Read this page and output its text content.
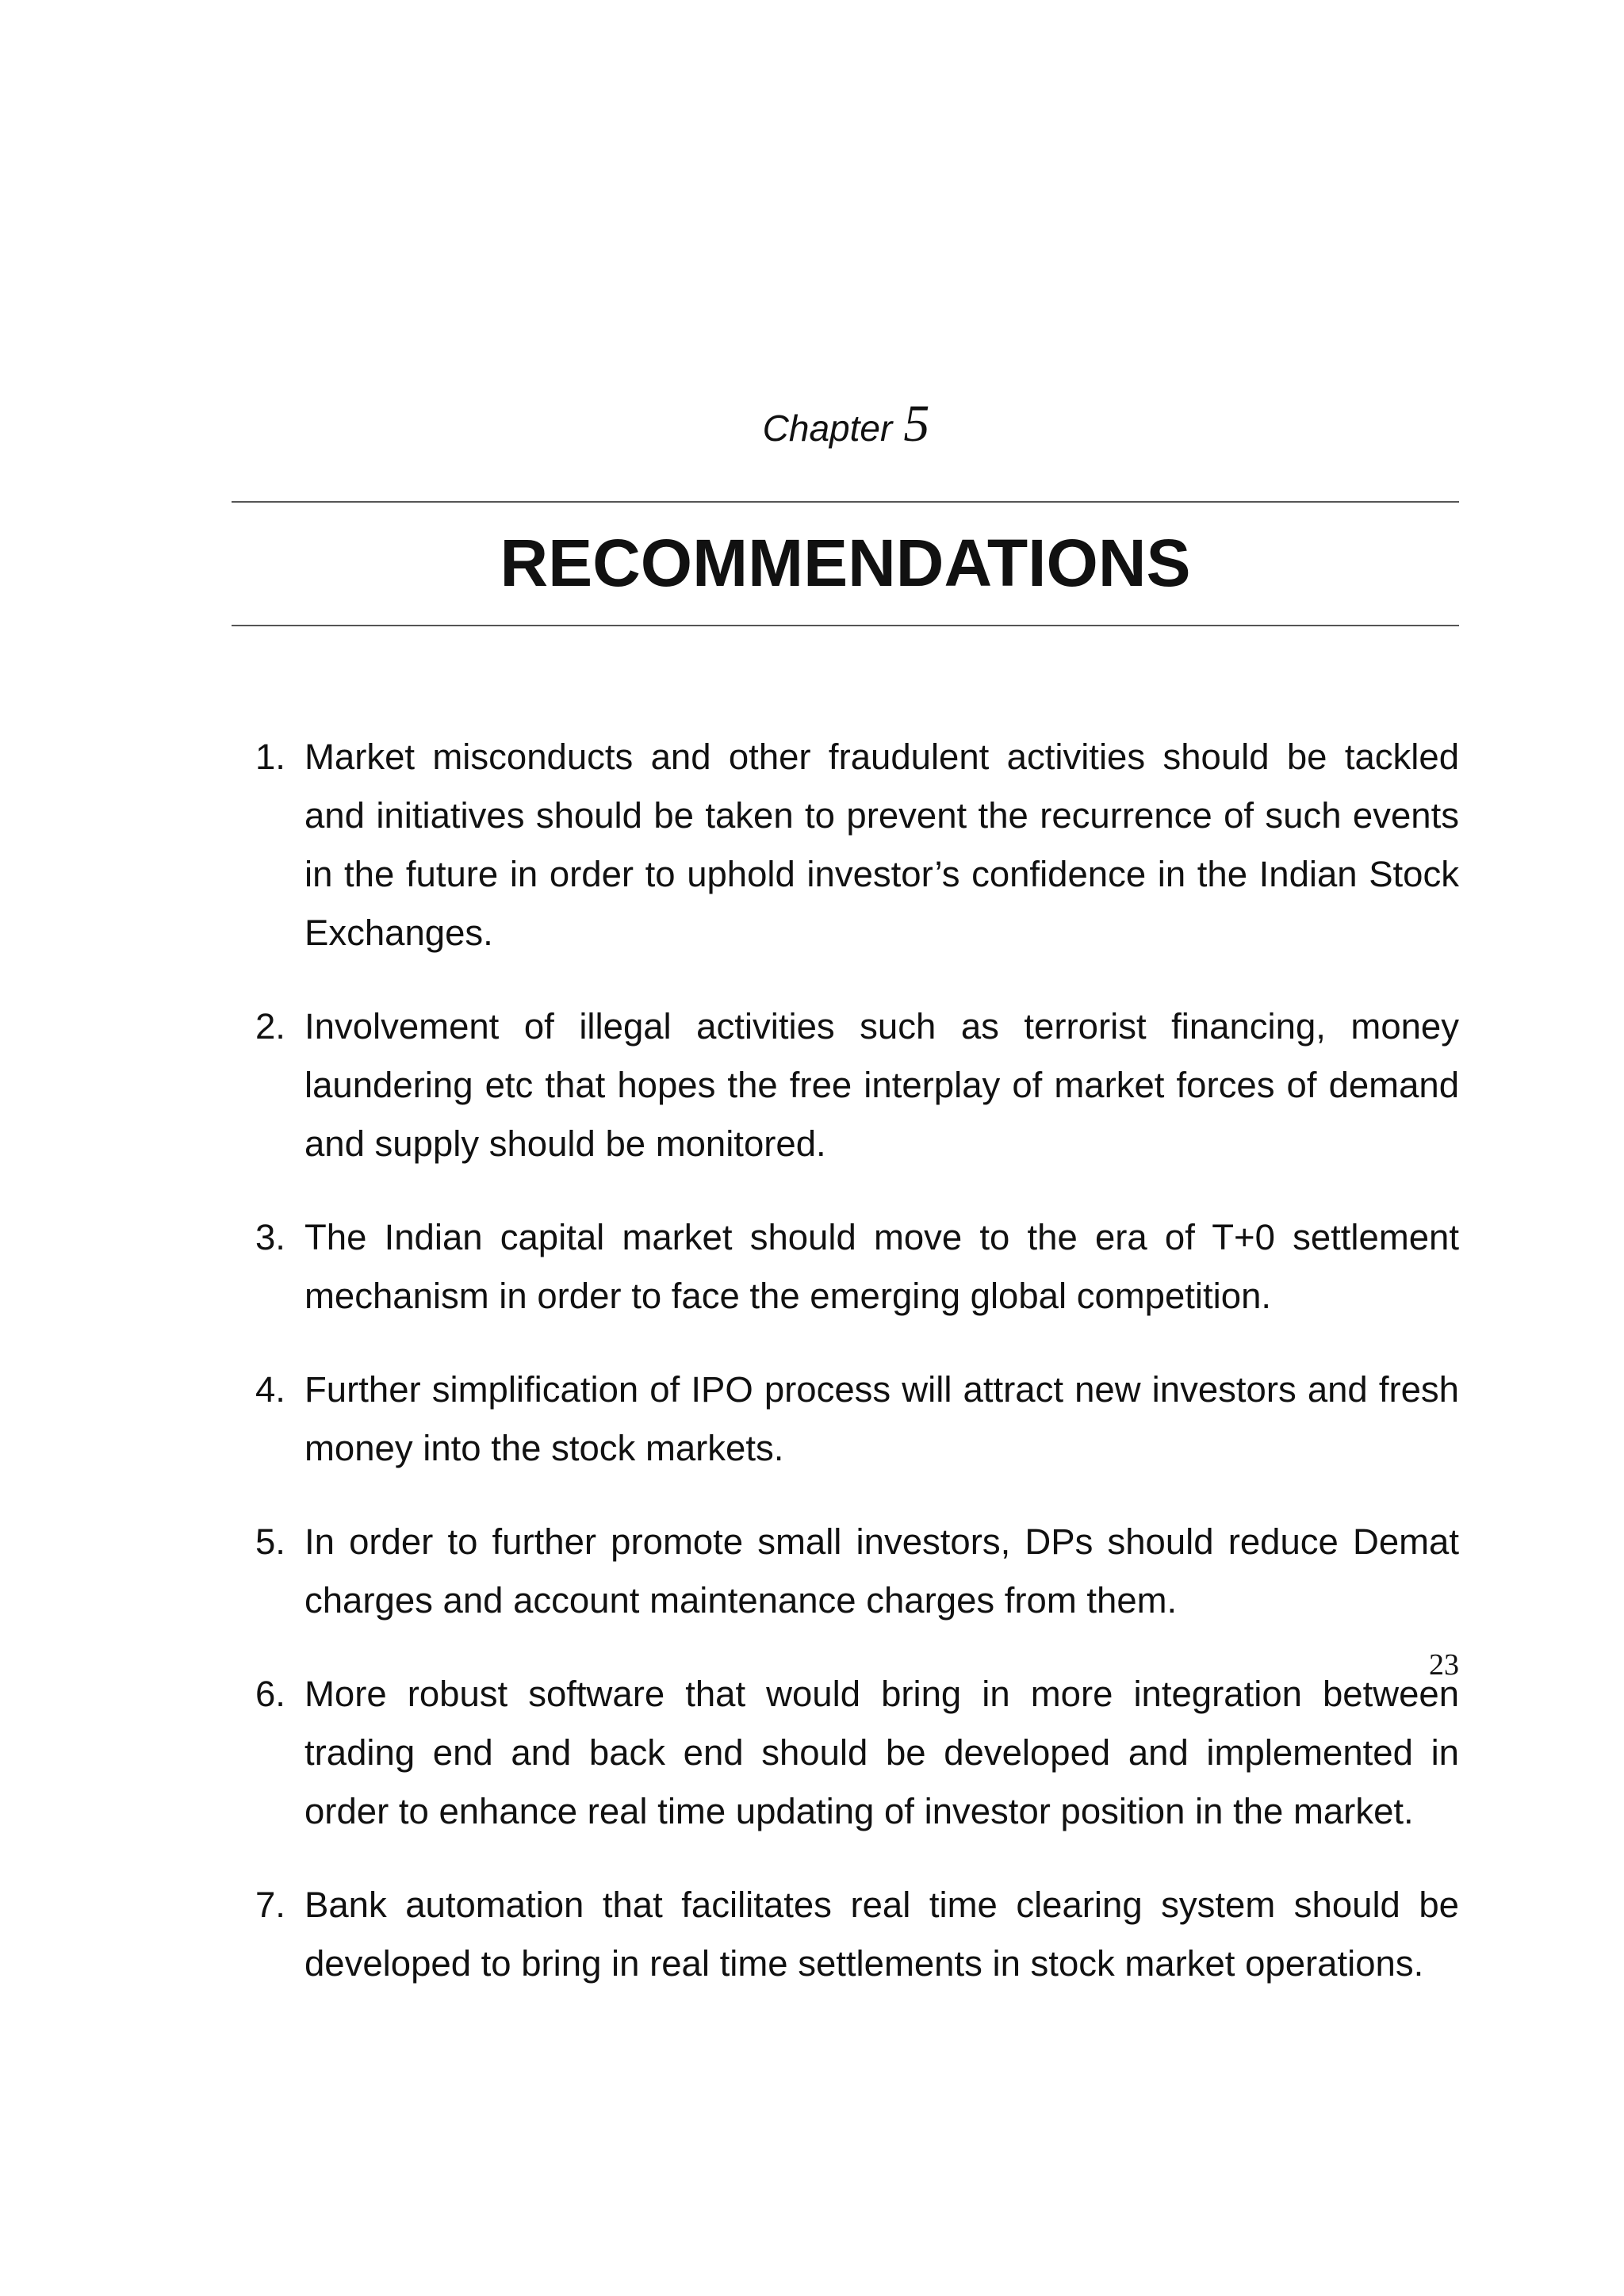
Chapter 5
RECOMMENDATIONS
1. Market misconducts and other fraudulent activities should be tackled and initiatives should be taken to prevent the recurrence of such events in the future in order to uphold investor’s confidence in the Indian Stock Exchanges.
2. Involvement of illegal activities such as terrorist financing, money laundering etc that hopes the free interplay of market forces of demand and supply should be monitored.
3. The Indian capital market should move to the era of T+0 settlement mechanism in order to face the emerging global competition.
4. Further simplification of IPO process will attract new investors and fresh money into the stock markets.
5. In order to further promote small investors, DPs should reduce Demat charges and account maintenance charges from them.
6. More robust software that would bring in more integration between trading end and back end should be developed and implemented in order to enhance real time updating of investor position in the market.
7. Bank automation that facilitates real time clearing system should be developed to bring in real time settlements in stock market operations.
23
